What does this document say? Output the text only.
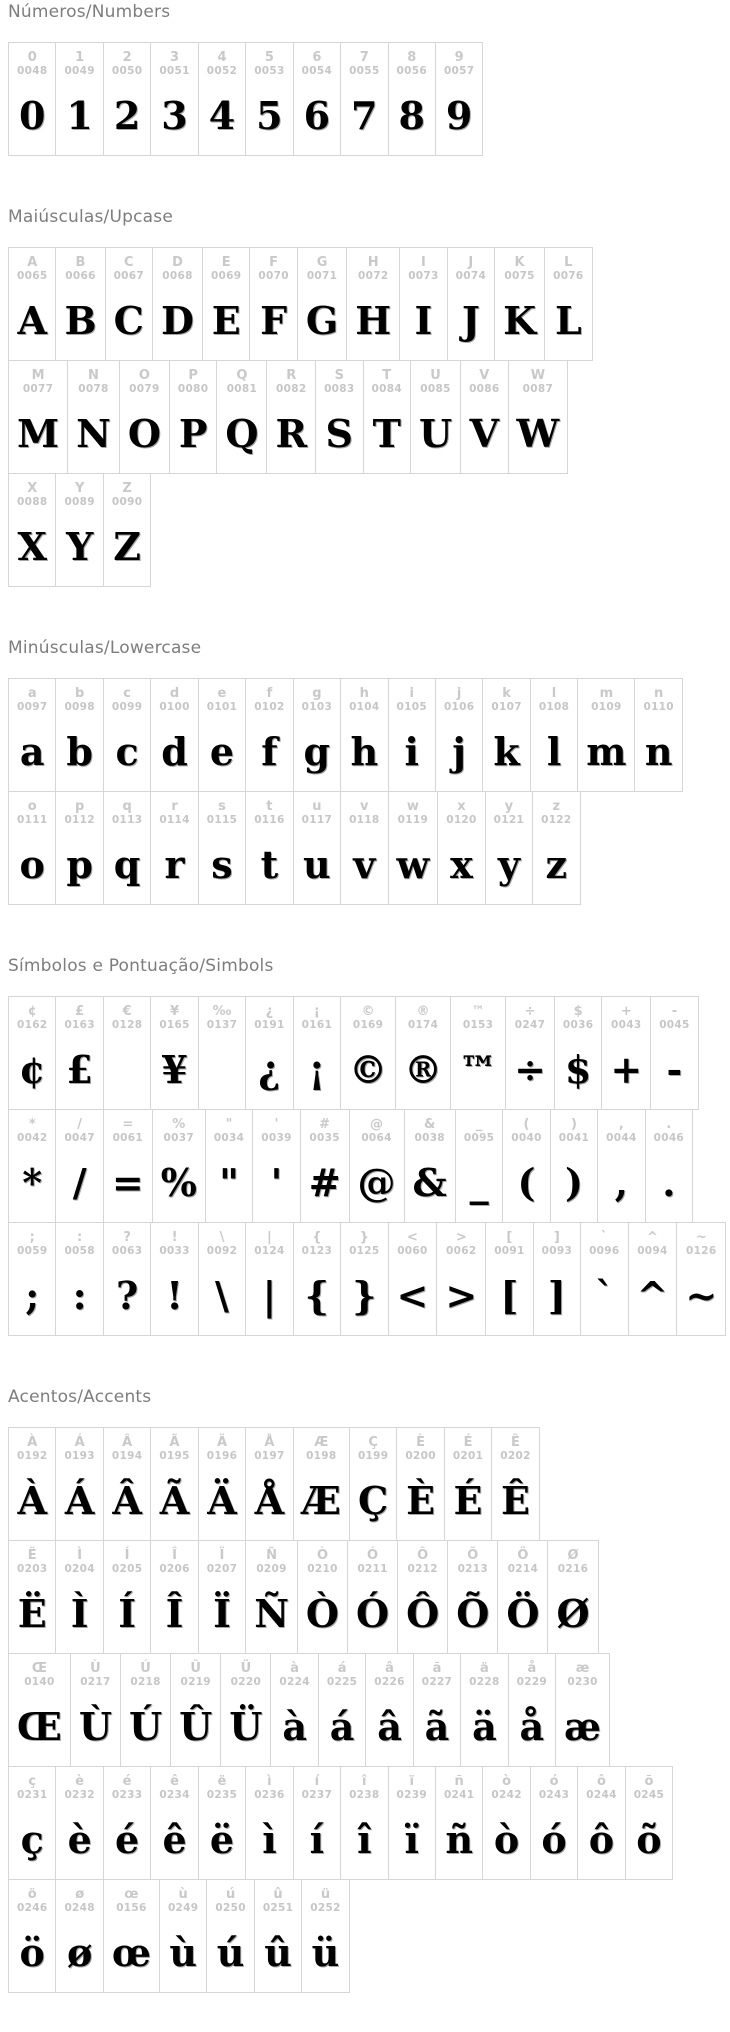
Números/Numbers
0
0048
0
1
0049
1
2
0050
2
3
0051
3
4
0052
4
5
0053
5
6
0054
6
7
0055
7
8
0056
8
9
0057
9
Maiúsculas/Upcase
A
0065
A
B
0066
B
C
0067
C
D
0068
D
E
0069
E
F
0070
F
G
0071
G
H
0072
H
I
0073
I
J
0074
J
K
0075
K
L
0076
L
M
0077
M
N
0078
N
O
0079
O
P
0080
P
Q
0081
Q
R
0082
R
S
0083
S
T
0084
T
U
0085
U
V
0086
V
W
0087
W
X
0088
X
Y
0089
Y
Z
0090
Z
Minúsculas/Lowercase
a
0097
a
b
0098
b
c
0099
c
d
0100
d
e
0101
e
f
0102
f
g
0103
g
h
0104
h
i
0105
i
j
0106
j
k
0107
k
l
0108
l
m
0109
m
n
0110
n
o
0111
o
p
0112
p
q
0113
q
r
0114
r
s
0115
s
t
0116
t
u
0117
u
v
0118
v
w
0119
w
x
0120
x
y
0121
y
z
0122
z
Símbolos e Pontuação/Simbols
¢
0162
¢
£
0163
£
€
0128
¥
0165
¥
‰
0137
¿
0191
¿
¡
0161
¡
©
0169
©
®
0174
®
™
0153
™
÷
0247
÷
$
0036
$
+
0043
+
-
0045
-
*
0042
*
/
0047
/
=
0061
=
%
0037
%
"
0034
"
'
0039
'
#
0035
#
@
0064
@
&
0038
&
_
0095
_
(
0040
(
)
0041
)
,
0044
,
.
0046
.
;
0059
;
:
0058
:
?
0063
?
!
0033
!
\
0092
\
|
0124
|
{
0123
{
}
0125
}
<
0060
<
>
0062
>
[
0091
[
]
0093
]
`
0096
`
^
0094
^
~
0126
~
Acentos/Accents
À
0192
À
Á
0193
Á
Â
0194
Â
Ã
0195
Ã
Ä
0196
Ä
Å
0197
Å
Æ
0198
Æ
Ç
0199
Ç
È
0200
È
É
0201
É
Ê
0202
Ê
Ë
0203
Ë
Ì
0204
Ì
Í
0205
Í
Î
0206
Î
Ï
0207
Ï
Ñ
0209
Ñ
Ò
0210
Ò
Ó
0211
Ó
Ô
0212
Ô
Õ
0213
Õ
Ö
0214
Ö
Ø
0216
Ø
Œ
0140
Œ
Ù
0217
Ù
Ú
0218
Ú
Û
0219
Û
Ü
0220
Ü
à
0224
à
á
0225
á
â
0226
â
ã
0227
ã
ä
0228
ä
å
0229
å
æ
0230
æ
ç
0231
ç
è
0232
è
é
0233
é
ê
0234
ê
ë
0235
ë
ì
0236
ì
í
0237
í
î
0238
î
ï
0239
ï
ñ
0241
ñ
ò
0242
ò
ó
0243
ó
ô
0244
ô
õ
0245
õ
ö
0246
ö
ø
0248
ø
œ
0156
œ
ù
0249
ù
ú
0250
ú
û
0251
û
ü
0252
ü
